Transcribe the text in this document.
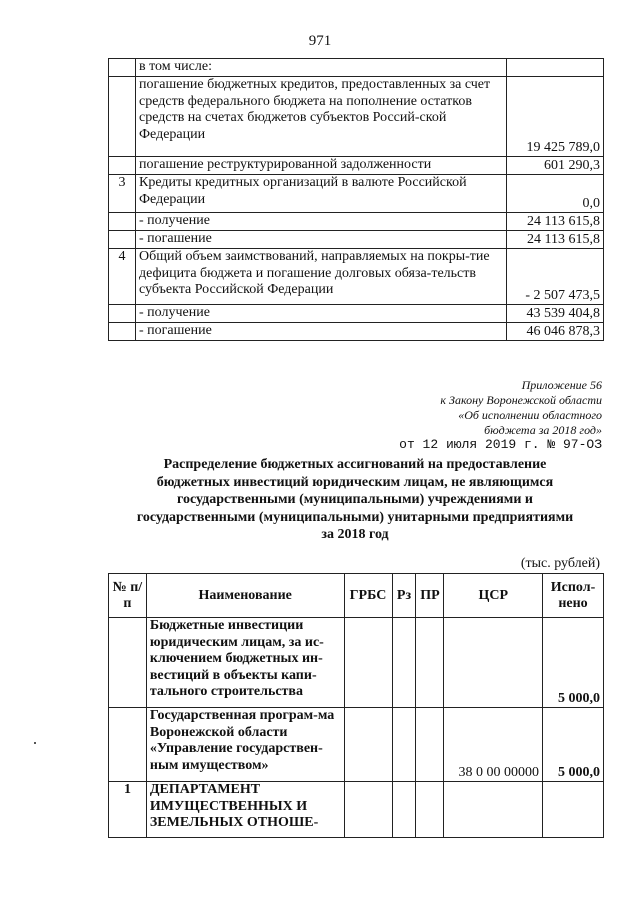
971
	в том числе:	
	погашение бюджетных кредитов, предоставленных за счет средств федерального бюджета на пополнение остатков средств на счетах бюджетов субъектов Россий-ской Федерации	19 425 789,0
	погашение реструктурированной задолженности	601 290,3
3	Кредиты кредитных организаций в валюте Российской Федерации	0,0
	- получение	24 113 615,8
	- погашение	24 113 615,8
4	Общий объем заимствований, направляемых на покры-тие дефицита бюджета и погашение долговых обяза-тельств субъекта Российской Федерации	- 2 507 473,5
	- получение	43 539 404,8
	- погашение	46 046 878,3
Приложение 56
к Закону Воронежской области
«Об исполнении областного
бюджета за 2018 год»
от 12 июля 2019 г. № 97-ОЗ
Распределение бюджетных ассигнований на предоставление
бюджетных инвестиций юридическим лицам, не являющимся
государственными (муниципальными) учреждениями и
государственными (муниципальными) унитарными предприятиями
за 2018 год
(тыс. рублей)
№ п/п	Наименование	ГРБС	Рз	ПР	ЦСР	Испол-нено
	Бюджетные инвестиции юридическим лицам, за ис-ключением бюджетных ин-вестиций в объекты капи-тального строительства					5 000,0
	Государственная програм-ма Воронежской области «Управление государствен-ным имуществом»				38 0 00 00000	5 000,0
1	ДЕПАРТАМЕНТ ИМУЩЕСТВЕННЫХ И ЗЕМЕЛЬНЫХ ОТНОШЕ-					
